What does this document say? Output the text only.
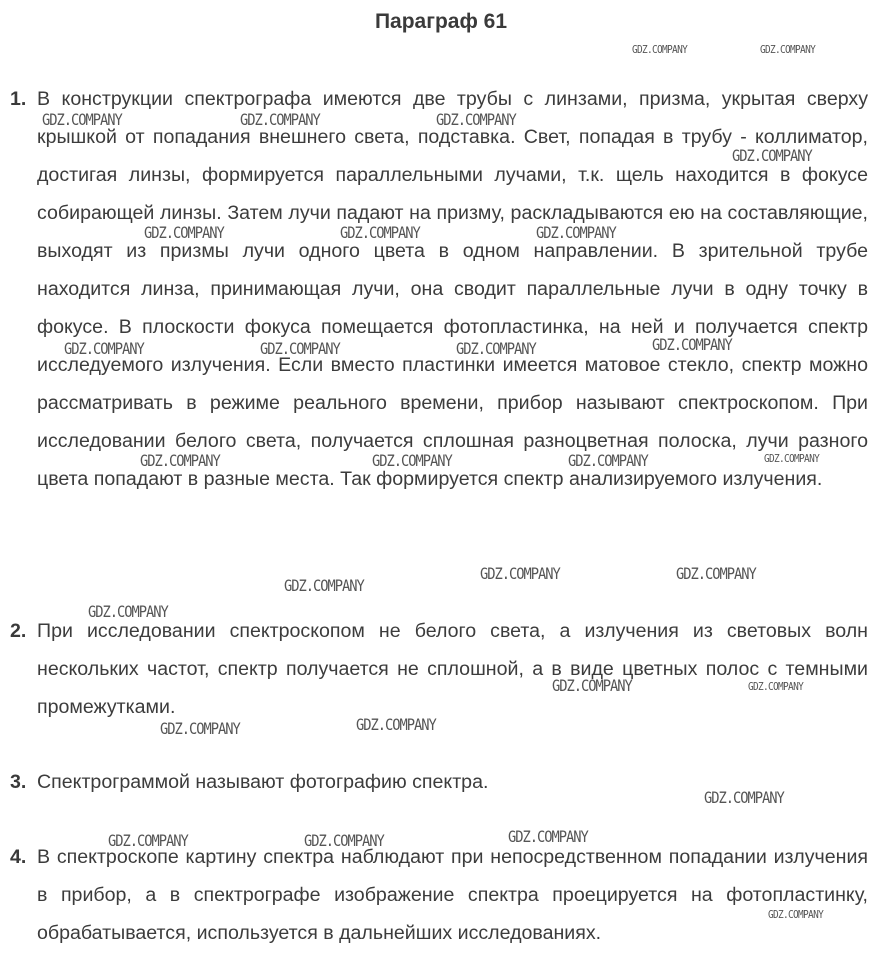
Параграф 61
1. В конструкции спектрографа имеются две трубы с линзами, призма, укрытая сверху крышкой от попадания внешнего света, подставка. Свет, попадая в трубу - коллиматор, достигая линзы, формируется параллельными лучами, т.к. щель находится в фокусе собирающей линзы. Затем лучи падают на призму, раскладываются ею на составляющие, выходят из призмы лучи одного цвета в одном направлении. В зрительной трубе находится линза, принимающая лучи, она сводит параллельные лучи в одну точку в фокусе. В плоскости фокуса помещается фотопластинка, на ней и получается спектр исследуемого излучения. Если вместо пластинки имеется матовое стекло, спектр можно рассматривать в режиме реального времени, прибор называют спектроскопом. При исследовании белого света, получается сплошная разноцветная полоска, лучи разного цвета попадают в разные места. Так формируется спектр анализируемого излучения.
2. При исследовании спектроскопом не белого света, а излучения из световых волн нескольких частот, спектр получается не сплошной, а в виде цветных полос с темными промежутками.
3. Спектрограммой называют фотографию спектра.
4. В спектроскопе картину спектра наблюдают при непосредственном попадании излучения в прибор, а в спектрографе изображение спектра проецируется на фотопластинку, обрабатывается, используется в дальнейших исследованиях.
GDZ.COMPANY	GDZ.COMPANY
GDZ.COMPANY	GDZ.COMPANY	GDZ.COMPANY
GDZ.COMPANY
GDZ.COMPANY	GDZ.COMPANY	GDZ.COMPANY
GDZ.COMPANY	GDZ.COMPANY	GDZ.COMPANY	GDZ.COMPANY
GDZ.COMPANY	GDZ.COMPANY	GDZ.COMPANY	GDZ.COMPANY
GDZ.COMPANY	GDZ.COMPANY
GDZ.COMPANY
GDZ.COMPANY
GDZ.COMPANY	GDZ.COMPANY
GDZ.COMPANY
GDZ.COMPANY
GDZ.COMPANY
GDZ.COMPANY	GDZ.COMPANY	GDZ.COMPANY
GDZ.COMPANY
